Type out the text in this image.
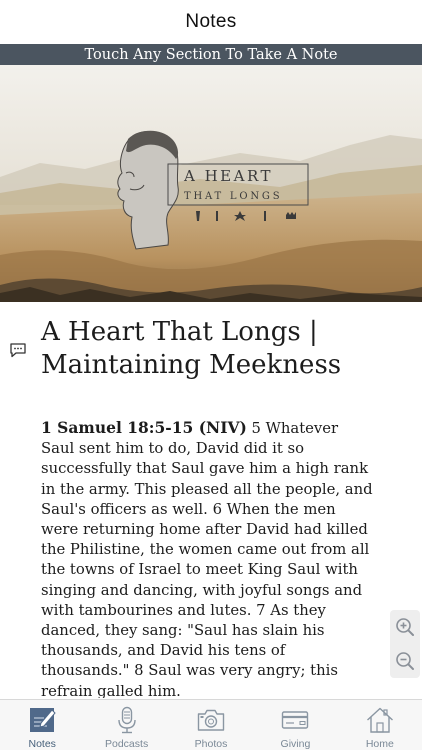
Notes
Touch Any Section To Take A Note
A HEART
THAT LONGS
A Heart That Longs | Maintaining Meekness
1 Samuel 18:5-15 (NIV) 5 Whatever Saul sent him to do, David did it so successfully that Saul gave him a high rank in the army. This pleased all the people, and Saul's officers as well. 6 When the men were returning home after David had killed the Philistine, the women came out from all the towns of Israel to meet King Saul with singing and dancing, with joyful songs and with tambourines and lutes. 7 As they danced, they sang: "Saul has slain his thousands, and David his tens of thousands." 8 Saul was very angry; this refrain galled him.
Notes	Podcasts	Photos	Giving	Home
